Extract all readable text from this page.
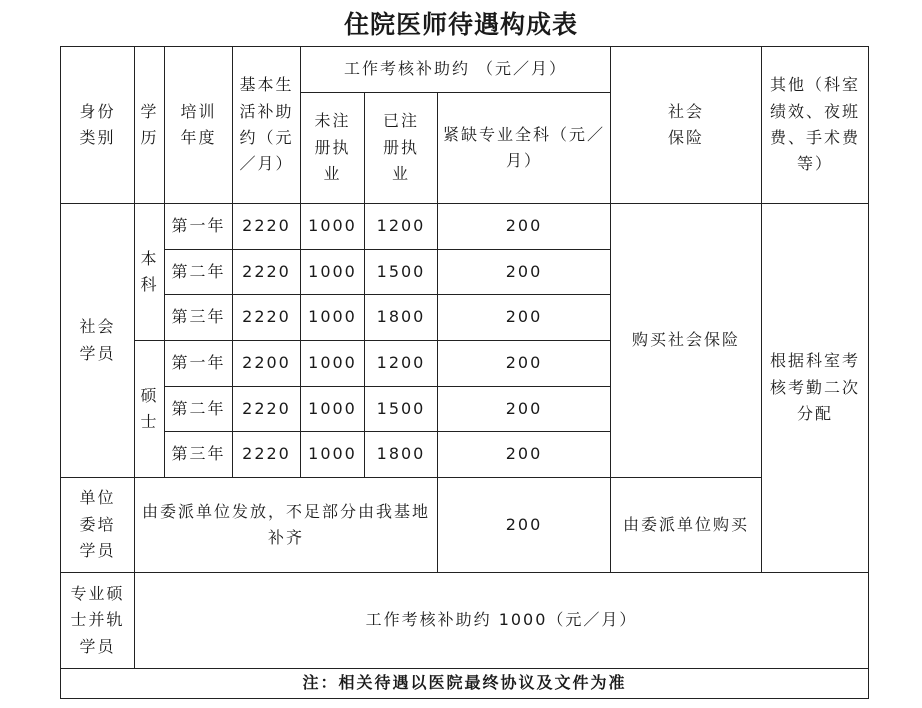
住院医师待遇构成表
身份类别	学历	培训年度	基本生活补助约（元／月）	工作考核补助约 （元／月）			社会保险	其他（科室绩效、夜班费、手术费等）
				未注册执业	已注册执业	紧缺专业全科（元／月）		
社会学员	本科	第一年	2220	1000	1200	200	购买社会保险	根据科室考核考勤二次分配
		第二年	2220	1000	1500	200		
		第三年	2220	1000	1800	200		
	硕士	第一年	2200	1000	1200	200		
		第二年	2220	1000	1500	200		
		第三年	2220	1000	1800	200		
单位委培学员	由委派单位发放，不足部分由我基地补齐					200	由委派单位购买	
专业硕士并轨学员	工作考核补助约 1000（元／月）							
注：相关待遇以医院最终协议及文件为准								
